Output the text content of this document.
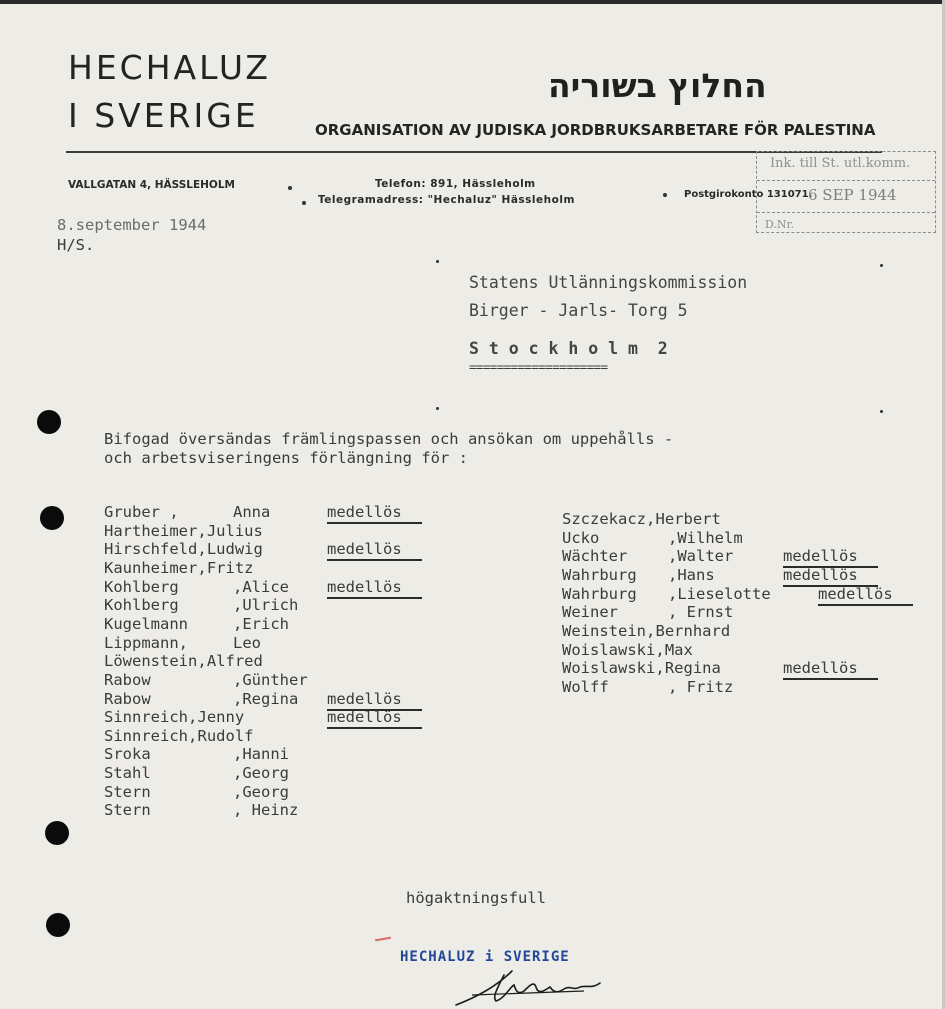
HECHALUZ
I SVERIGE
החלוץ בשוריה
ORGANISATION AV JUDISKA JORDBRUKSARBETARE FÖR PALESTINA
VALLGATAN 4, HÄSSLEHOLM	Telefon: 891, Hässleholm
Telegramadress: "Hechaluz" Hässleholm	Postgirokonto 131071.
Ink. till St. utl.komm.
6 SEP 1944
D.Nr.
8.september 1944
H/S.
Statens Utlänningskommission
Birger - Jarls- Torg 5
S t o c k h o l m  2
====================
Bifogad översändas främlingspassen och ansökan om uppehålls -
och arbetsviseringens förlängning för :
Gruber ,	Anna	medellös
Hartheimer, Julius
Hirschfeld, Ludwig	medellös
Kaunheimer, Fritz
Kohlberg	,Alice medellös
Kohlberg	,Ulrich
Kugelmann	,Erich
Lippmann,	Leo
Löwenstein, Alfred
Rabow	,Günther
Rabow	,Regina medellös
Sinnreich, Jenny	medellös
Sinnreich, Rudolf
Sroka	,Hanni
Stahl	,Georg
Stern	,Georg
Stern	, Heinz
Szczekacz, Herbert
Ucko	,Wilhelm
Wächter	,Walter	medellös
Wahrburg ,Hans	medellös
Wahrburg ,Lieselotte	medellös
Weiner	, Ernst
Weinstein, Bernhard
Woislawski, Max
Woislawski, Regina	medellös
Wolff	, Fritz
högaktningsfull
HECHALUZ i SVERIGE
